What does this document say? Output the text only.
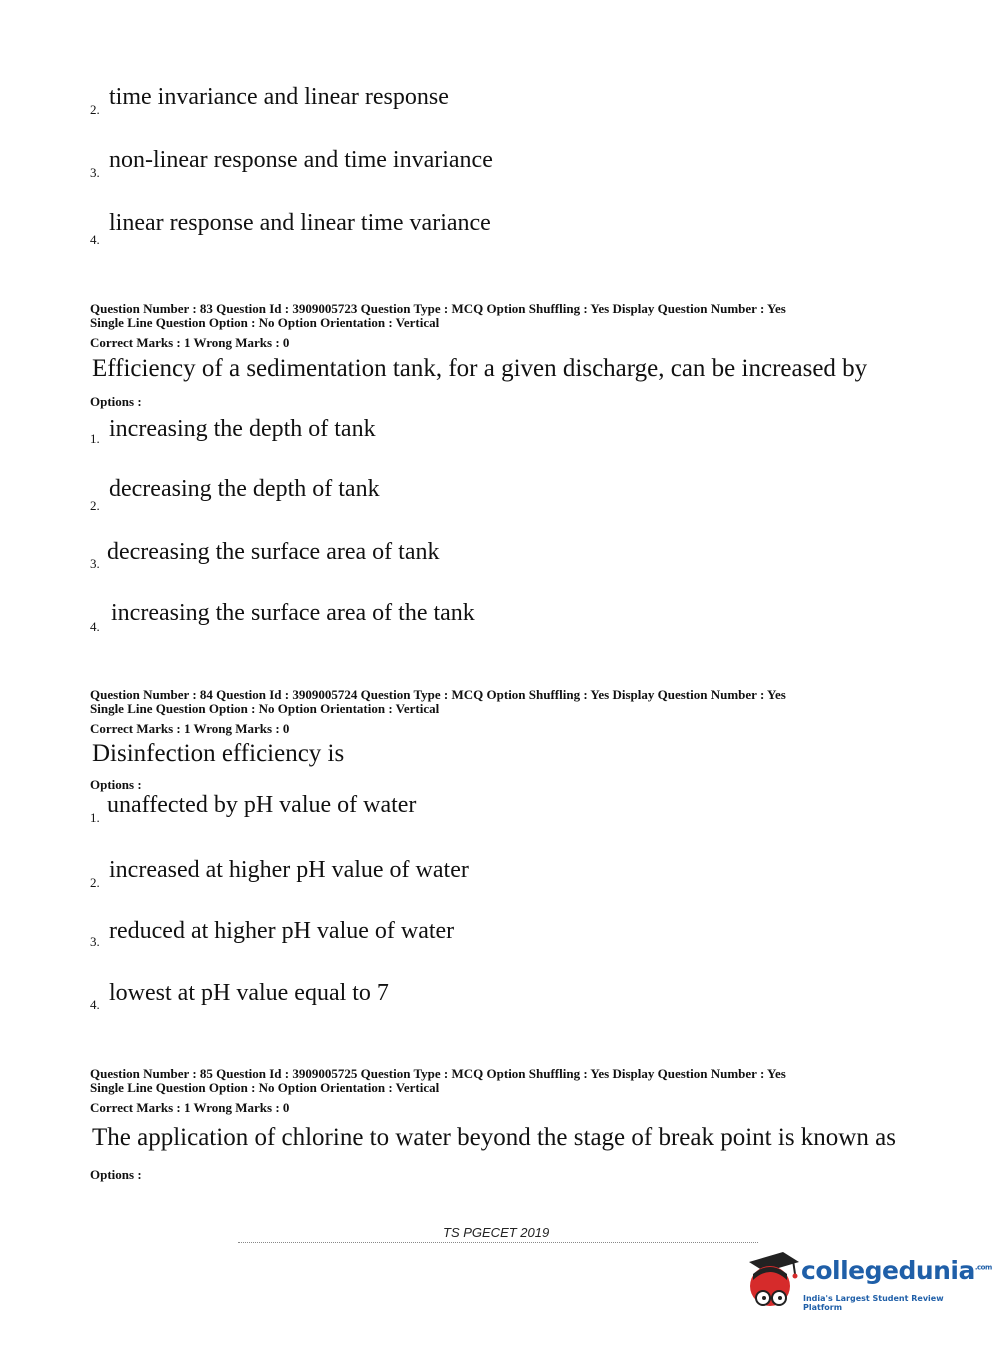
2. time invariance and linear response
3. non-linear response and time invariance
4.
linear response and linear time variance
Question Number : 83 Question Id : 3909005723 Question Type : MCQ Option Shuffling : Yes Display Question Number : Yes
Single Line Question Option : No Option Orientation : Vertical
Correct Marks : 1 Wrong Marks : 0
Efficiency of a sedimentation tank, for a given discharge, can be increased by
Options :
1. increasing the depth of tank
2.
decreasing the depth of tank
3. decreasing the surface area of tank
4.
increasing the surface area of the tank
Question Number : 84 Question Id : 3909005724 Question Type : MCQ Option Shuffling : Yes Display Question Number : Yes
Single Line Question Option : No Option Orientation : Vertical
Correct Marks : 1 Wrong Marks : 0
Disinfection efficiency is
Options :
1. unaffected by pH value of water
2. increased at higher pH value of water
3. reduced at higher pH value of water
4. lowest at pH value equal to 7
Question Number : 85 Question Id : 3909005725 Question Type : MCQ Option Shuffling : Yes Display Question Number : Yes
Single Line Question Option : No Option Orientation : Vertical
Correct Marks : 1 Wrong Marks : 0
The application of chlorine to water beyond the stage of break point is known as
Options :
TS PGECET 2019
collegedunia$^{.com}$
India's Largest Student Review Platform
